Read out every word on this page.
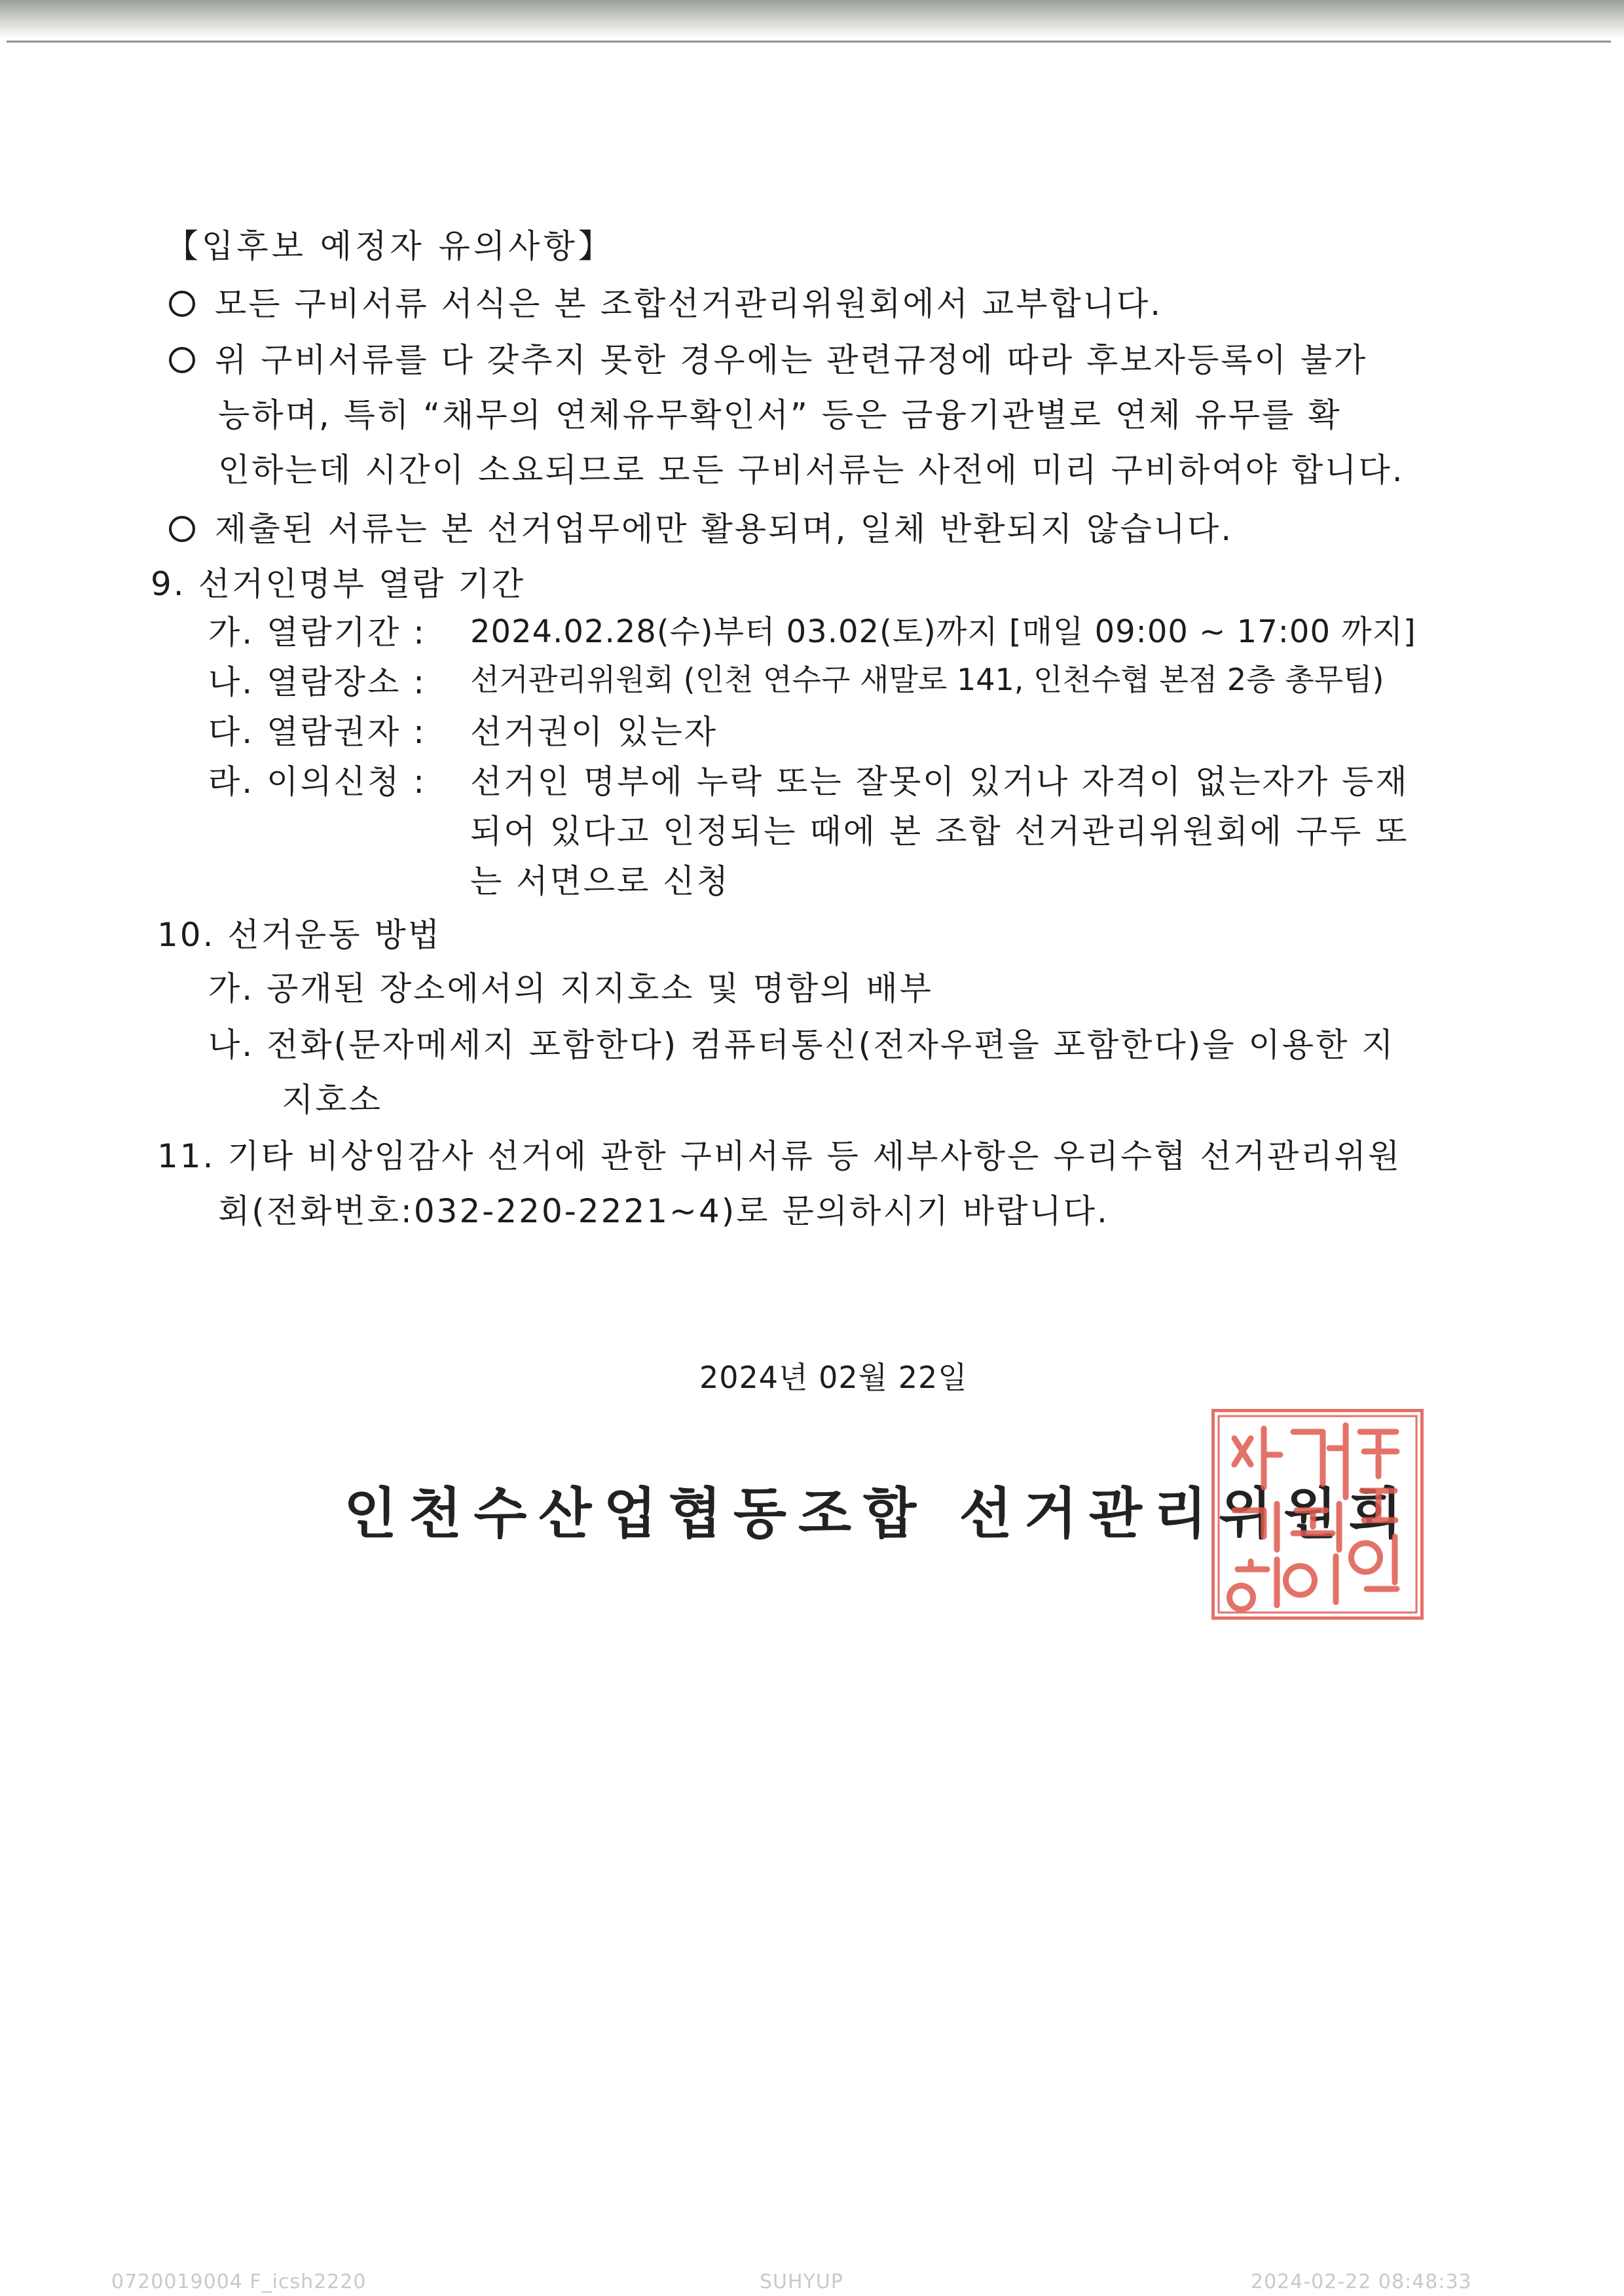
【입후보 예정자 유의사항】
모든 구비서류 서식은 본 조합선거관리위원회에서 교부합니다.
위 구비서류를 다 갖추지 못한 경우에는 관련규정에 따라 후보자등록이 불가
능하며, 특히 “채무의 연체유무확인서” 등은 금융기관별로 연체 유무를 확
인하는데 시간이 소요되므로 모든 구비서류는 사전에 미리 구비하여야 합니다.
제출된 서류는 본 선거업무에만 활용되며, 일체 반환되지 않습니다.
9. 선거인명부 열람 기간
가. 열람기간 : 2024.02.28(수)부터 03.02(토)까지 [매일 09:00 ~ 17:00 까지]
나. 열람장소 : 선거관리위원회 (인천 연수구 새말로 141, 인천수협 본점 2층 총무팀)
다. 열람권자 : 선거권이 있는자
라. 이의신청 : 선거인 명부에 누락 또는 잘못이 있거나 자격이 없는자가 등재
되어 있다고 인정되는 때에 본 조합 선거관리위원회에 구두 또
는 서면으로 신청
10. 선거운동 방법
가. 공개된 장소에서의 지지호소 및 명함의 배부
나. 전화(문자메세지 포함한다) 컴퓨터통신(전자우편을 포함한다)을 이용한 지
지호소
11. 기타 비상임감사 선거에 관한 구비서류 등 세부사항은 우리수협 선거관리위원
회(전화번호:032-220-2221~4)로 문의하시기 바랍니다.
2024년 02월 22일
인천수산업협동조합 선거관리위원회
0720019004 F_icsh2220	SUHYUP	2024-02-22 08:48:33
